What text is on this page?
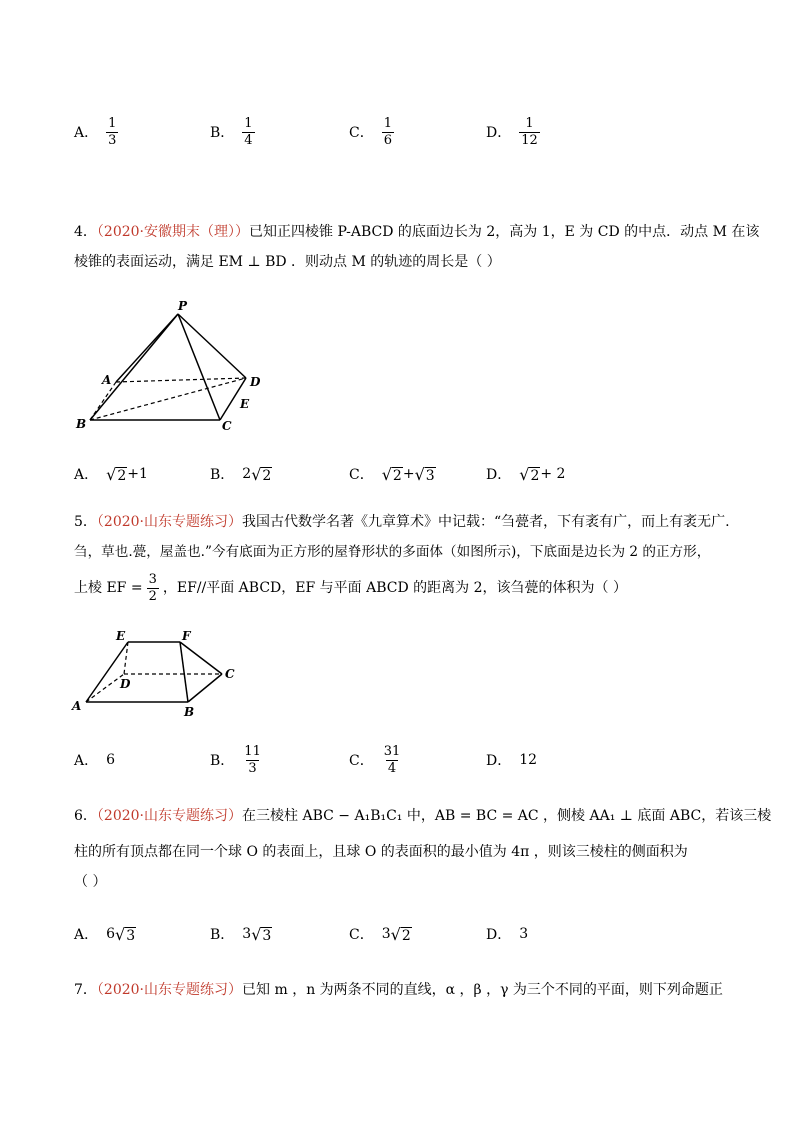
A． $\frac{1}{3}$	B． $\frac{1}{4}$	C． $\frac{1}{6}$	D． $\frac{1}{12}$
4．（2020·安徽期末（理））已知正四棱锥 P-ABCD 的底面边长为 2，高为 1，E 为 CD 的中点．动点 M 在该
棱锥的表面运动，满足 EM ⊥ BD ．则动点 M 的轨迹的周长是（ ）
P
A
B	C
D
E
A． √ 2 +1	B． 2 √ 2	C． √ 2 + √ 3	D． √ 2 + 2
5．（2020·山东专题练习）我国古代数学名著《九章算术》中记载：“刍甍者，下有袤有广，而上有袤无广.
刍，草也.甍，屋盖也.”今有底面为正方形的屋脊形状的多面体（如图所示)，下底面是边长为 2 的正方形，
上棱 EF = $\frac{3}{2}$ ，EF//平面 ABCD，EF 与平面 ABCD 的距离为 2，该刍甍的体积为（ ）
E	F
D
C
A	B
A． 6	B． $\frac{11}{3}$	C． $\frac{31}{4}$	D． 12
6．（2020·山东专题练习）在三棱柱 ABC − A₁B₁C₁ 中，AB = BC = AC ，侧棱 AA₁ ⊥ 底面 ABC，若该三棱
柱的所有顶点都在同一个球 O 的表面上，且球 O 的表面积的最小值为 4π ，则该三棱柱的侧面积为
（ ）
A． 6 √ 3	B． 3 √ 3	C． 3 √ 2	D． 3
7．（2020·山东专题练习）已知 m ，n 为两条不同的直线，α ，β ，γ 为三个不同的平面，则下列命题正
